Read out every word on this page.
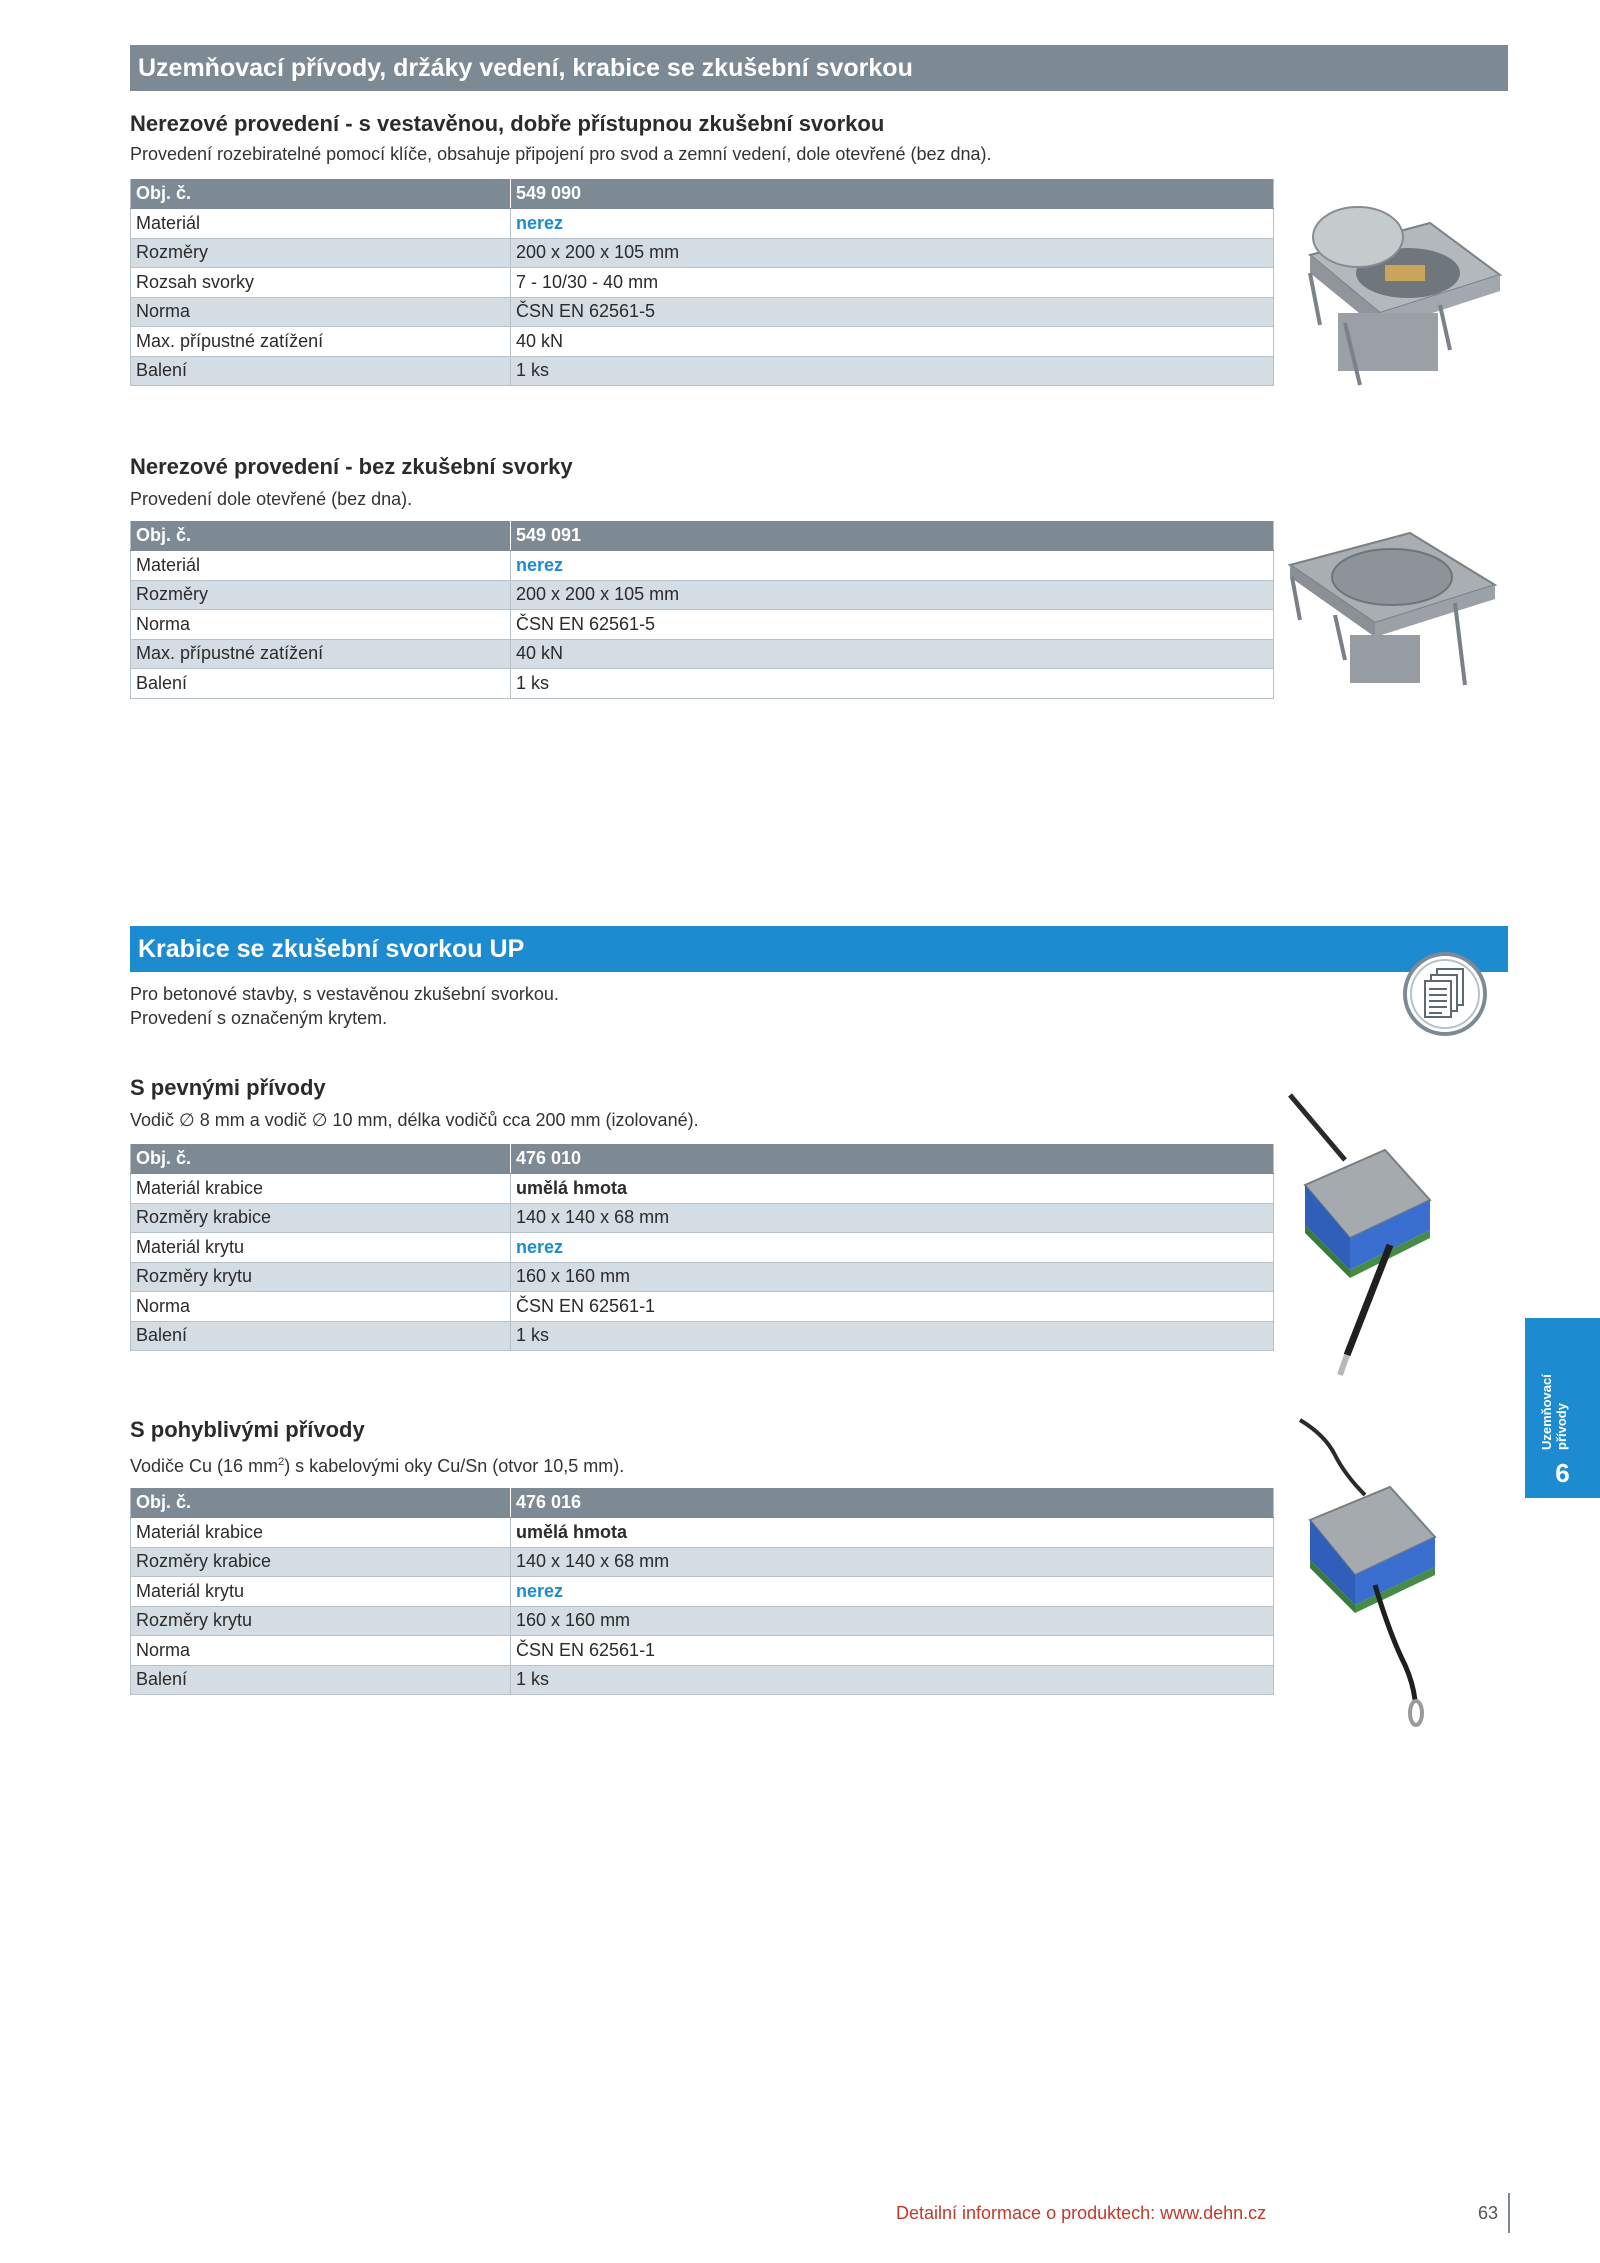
Uzemňovací přívody, držáky vedení, krabice se zkušební svorkou
Nerezové provedení - s vestavěnou, dobře přístupnou zkušební svorkou
Provedení rozebiratelné pomocí klíče, obsahuje připojení pro svod a zemní vedení, dole otevřené (bez dna).
Obj. č.	549 090
Materiál	nerez
Rozměry	200 x 200 x 105 mm
Rozsah svorky	7 - 10/30 - 40 mm
Norma	ČSN EN 62561-5
Max. přípustné zatížení	40 kN
Balení	1 ks
Nerezové provedení - bez zkušební svorky
Provedení dole otevřené (bez dna).
Obj. č.	549 091
Materiál	nerez
Rozměry	200 x 200 x 105 mm
Norma	ČSN EN 62561-5
Max. přípustné zatížení	40 kN
Balení	1 ks
Krabice se zkušební svorkou UP
Pro betonové stavby, s vestavěnou zkušební svorkou.
Provedení s označeným krytem.
S pevnými přívody
Vodič ∅ 8 mm a vodič ∅ 10 mm, délka vodičů cca 200 mm (izolované).
Obj. č.	476 010
Materiál krabice	umělá hmota
Rozměry krabice	140 x 140 x 68 mm
Materiál krytu	nerez
Rozměry krytu	160 x 160 mm
Norma	ČSN EN 62561-1
Balení	1 ks
S pohyblivými přívody
Vodiče Cu (16 $mm^2$) s kabelovými oky Cu/Sn (otvor 10,5 mm).
Obj. č.	476 016
Materiál krabice	umělá hmota
Rozměry krabice	140 x 140 x 68 mm
Materiál krytu	nerez
Rozměry krytu	160 x 160 mm
Norma	ČSN EN 62561-1
Balení	1 ks
Uzemňovací přívody
6
Detailní informace o produktech: www.dehn.cz	63
